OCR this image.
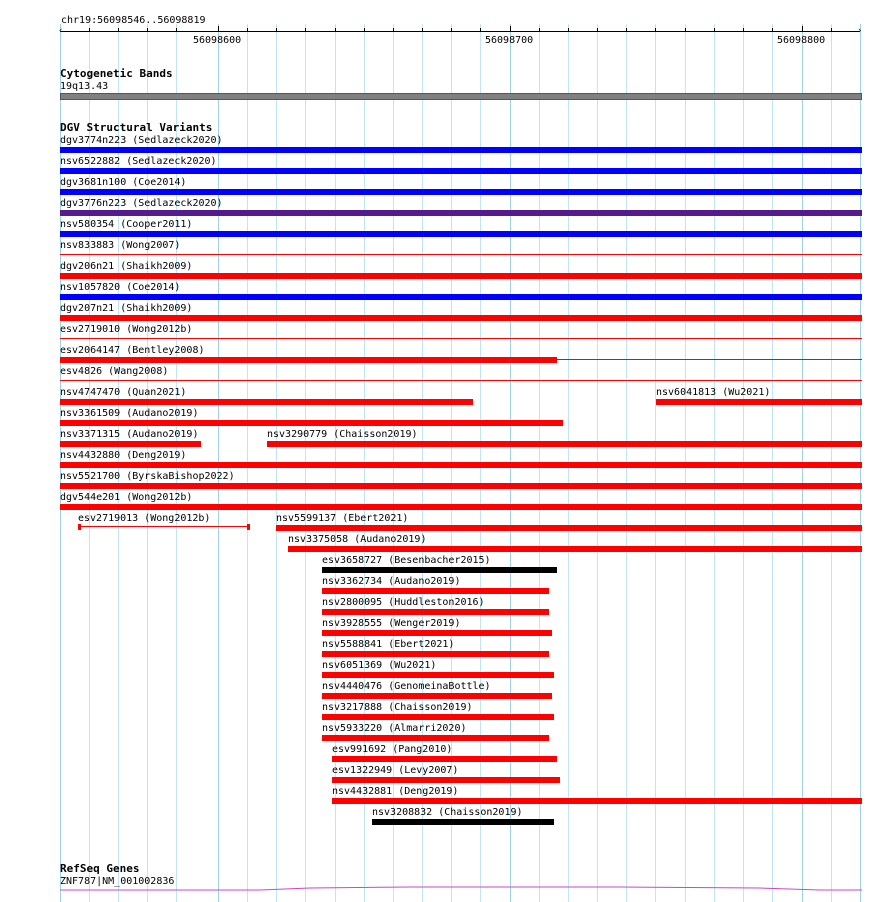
chr19:56098546..56098819
‹	›
56098600	56098700	56098800
Cytogenetic Bands
19q13.43
DGV Structural Variants
dgv3774n223 (Sedlazeck2020)
nsv6522882 (Sedlazeck2020)
dgv3681n100 (Coe2014)
dgv3776n223 (Sedlazeck2020)
nsv580354 (Cooper2011)
nsv833883 (Wong2007)
dgv206n21 (Shaikh2009)
nsv1057820 (Coe2014)
dgv207n21 (Shaikh2009)
esv2719010 (Wong2012b)
esv2064147 (Bentley2008)
esv4826 (Wang2008)
nsv4747470 (Quan2021)	nsv6041813 (Wu2021)
nsv3361509 (Audano2019)
nsv3371315 (Audano2019)	nsv3290779 (Chaisson2019)
nsv4432880 (Deng2019)
nsv5521700 (ByrskaBishop2022)
dgv544e201 (Wong2012b)
esv2719013 (Wong2012b)	nsv5599137 (Ebert2021)
nsv3375058 (Audano2019)
esv3658727 (Besenbacher2015)
nsv3362734 (Audano2019)
nsv2800095 (Huddleston2016)
nsv3928555 (Wenger2019)
nsv5588841 (Ebert2021)
nsv6051369 (Wu2021)
nsv4440476 (GenomeinaBottle)
nsv3217888 (Chaisson2019)
nsv5933220 (Almarri2020)
esv991692 (Pang2010)
esv1322949 (Levy2007)
nsv4432881 (Deng2019)
nsv3208832 (Chaisson2019)
RefSeq Genes
ZNF787|NM_001002836
